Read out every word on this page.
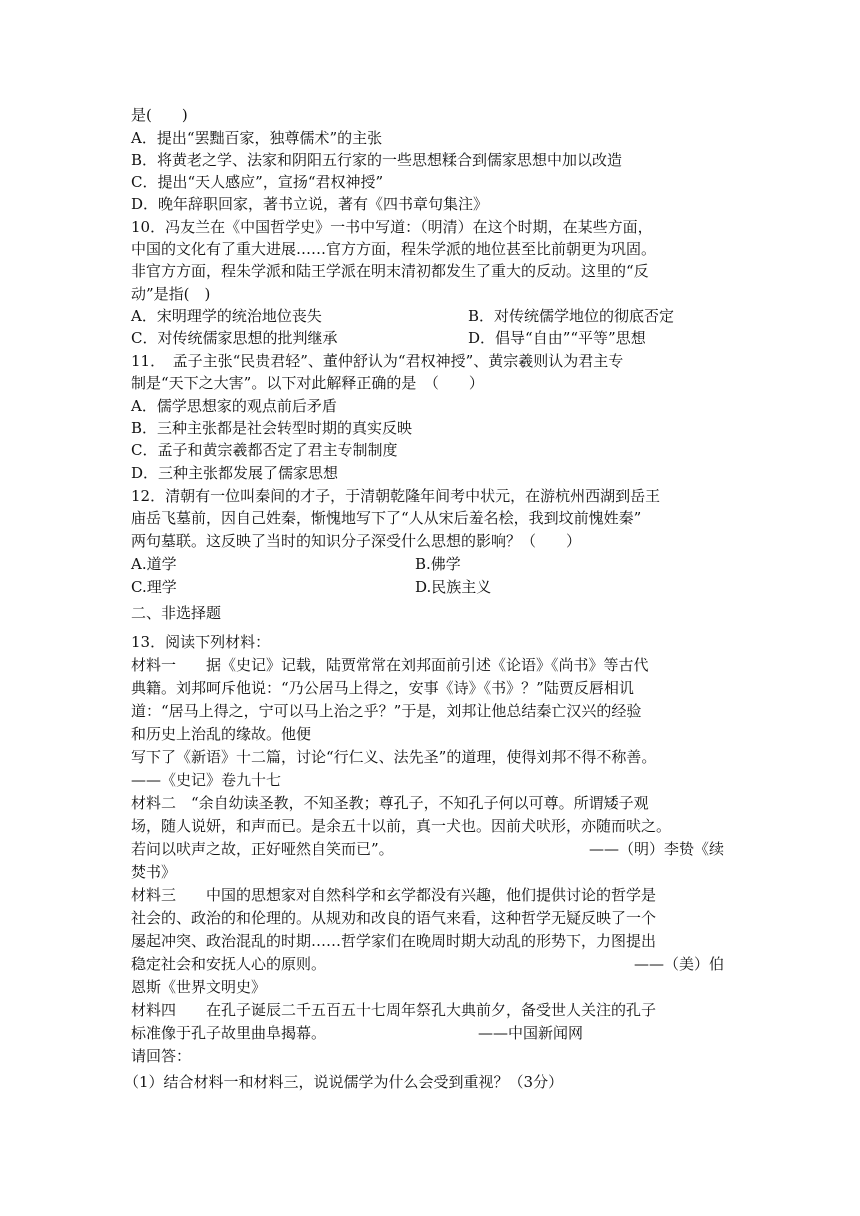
是(　　)
A．提出“罢黜百家，独尊儒术”的主张
B．将黄老之学、法家和阴阳五行家的一些思想糅合到儒家思想中加以改造
C．提出“天人感应”，宣扬“君权神授”
D．晚年辞职回家，著书立说，著有《四书章句集注》
10．冯友兰在《中国哲学史》一书中写道：（明清）在这个时期，在某些方面，
中国的文化有了重大进展……官方方面，程朱学派的地位甚至比前朝更为巩固。
非官方方面，程朱学派和陆王学派在明末清初都发生了重大的反动。这里的“反
动”是指(　)
A．宋明理学的统治地位丧失	B．对传统儒学地位的彻底否定
C．对传统儒家思想的批判继承	D．倡导“自由”“平等”思想
11．　孟子主张“民贵君轻”、董仲舒认为“君权神授”、黄宗羲则认为君主专
制是“天下之大害”。以下对此解释正确的是　（　　）
A．儒学思想家的观点前后矛盾
B．三种主张都是社会转型时期的真实反映
C．孟子和黄宗羲都否定了君主专制制度
D．三种主张都发展了儒家思想
12．清朝有一位叫秦间的才子，于清朝乾隆年间考中状元，在游杭州西湖到岳王
庙岳飞墓前，因自己姓秦，惭愧地写下了“人从宋后羞名桧，我到坟前愧姓秦”
两句墓联。这反映了当时的知识分子深受什么思想的影响？（　　）
A.道学	B.佛学
C.理学	D.民族主义
二、非选择题
13．阅读下列材料：
材料一　　据《史记》记载，陆贾常常在刘邦面前引述《论语》《尚书》等古代
典籍。刘邦呵斥他说：“乃公居马上得之，安事《诗》《书》？”陆贾反唇相讥
道：“居马上得之，宁可以马上治之乎？”于是，刘邦让他总结秦亡汉兴的经验
和历史上治乱的缘故。他便
写下了《新语》十二篇，讨论“行仁义、法先圣”的道理，使得刘邦不得不称善。
——《史记》卷九十七
材料二　“余自幼读圣教，不知圣教；尊孔子，不知孔子何以可尊。所谓矮子观
场，随人说妍，和声而已。是余五十以前，真一犬也。因前犬吠形，亦随而吠之。
若问以吠声之故，正好哑然自笑而已”。	——（明）李贽《续
焚书》
材料三　　中国的思想家对自然科学和玄学都没有兴趣，他们提供讨论的哲学是
社会的、政治的和伦理的。从规劝和改良的语气来看，这种哲学无疑反映了一个
屡起冲突、政治混乱的时期……哲学家们在晚周时期大动乱的形势下，力图提出
稳定社会和安抚人心的原则。	——（美）伯
恩斯《世界文明史》
材料四　　在孔子诞辰二千五百五十七周年祭孔大典前夕，备受世人关注的孔子
标准像于孔子故里曲阜揭幕。	——中国新闻网
请回答：
（1）结合材料一和材料三，说说儒学为什么会受到重视？（3分）
